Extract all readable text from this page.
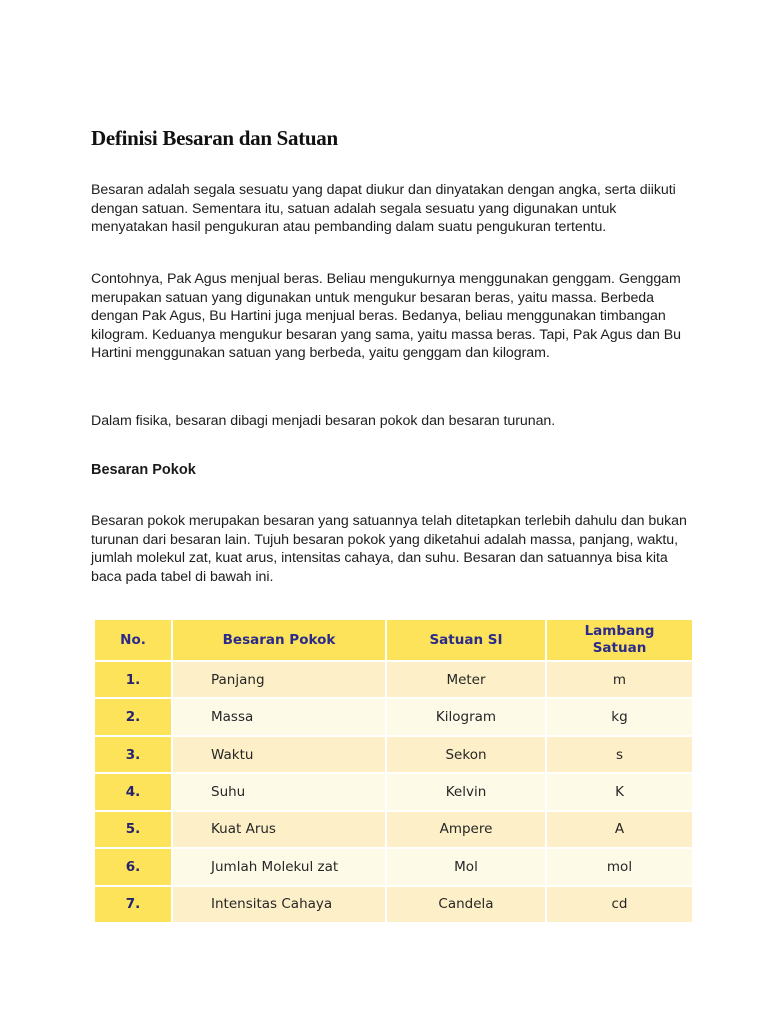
Definisi Besaran dan Satuan

Besaran adalah segala sesuatu yang dapat diukur dan dinyatakan dengan angka, serta diikuti dengan satuan. Sementara itu, satuan adalah segala sesuatu yang digunakan untuk menyatakan hasil pengukuran atau pembanding dalam suatu pengukuran tertentu.

Contohnya, Pak Agus menjual beras. Beliau mengukurnya menggunakan genggam. Genggam merupakan satuan yang digunakan untuk mengukur besaran beras, yaitu massa. Berbeda dengan Pak Agus, Bu Hartini juga menjual beras. Bedanya, beliau menggunakan timbangan kilogram. Keduanya mengukur besaran yang sama, yaitu massa beras. Tapi, Pak Agus dan Bu Hartini menggunakan satuan yang berbeda, yaitu genggam dan kilogram.

Dalam fisika, besaran dibagi menjadi besaran pokok dan besaran turunan.

Besaran Pokok

Besaran pokok merupakan besaran yang satuannya telah ditetapkan terlebih dahulu dan bukan turunan dari besaran lain. Tujuh besaran pokok yang diketahui adalah massa, panjang, waktu, jumlah molekul zat, kuat arus, intensitas cahaya, dan suhu. Besaran dan satuannya bisa kita baca pada tabel di bawah ini.

No.	Besaran Pokok	Satuan SI	Lambang Satuan
1.	Panjang	Meter	m
2.	Massa	Kilogram	kg
3.	Waktu	Sekon	s
4.	Suhu	Kelvin	K
5.	Kuat Arus	Ampere	A
6.	Jumlah Molekul zat	Mol	mol
7.	Intensitas Cahaya	Candela	cd
